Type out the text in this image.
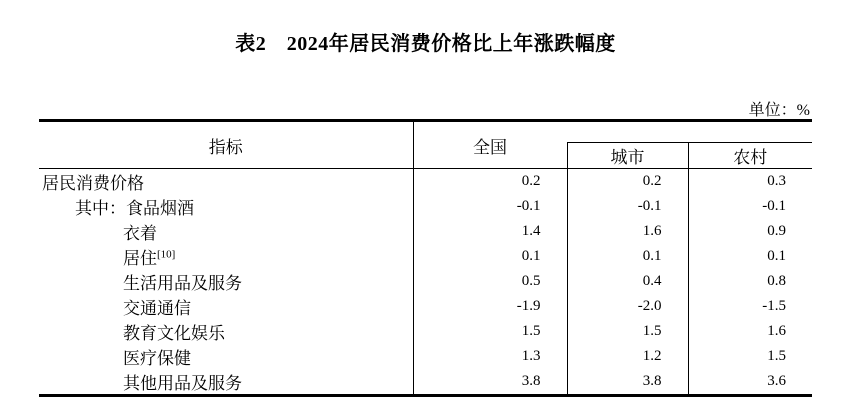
表2　2024年居民消费价格比上年涨跌幅度
单位：%
指标	全国		
		城市	农村
居民消费价格	0.2	0.2	0.3
其中：食品烟酒	-0.1	-0.1	-0.1
衣着	1.4	1.6	0.9
居住[10]	0.1	0.1	0.1
生活用品及服务	0.5	0.4	0.8
交通通信	-1.9	-2.0	-1.5
教育文化娱乐	1.5	1.5	1.6
医疗保健	1.3	1.2	1.5
其他用品及服务	3.8	3.8	3.6
